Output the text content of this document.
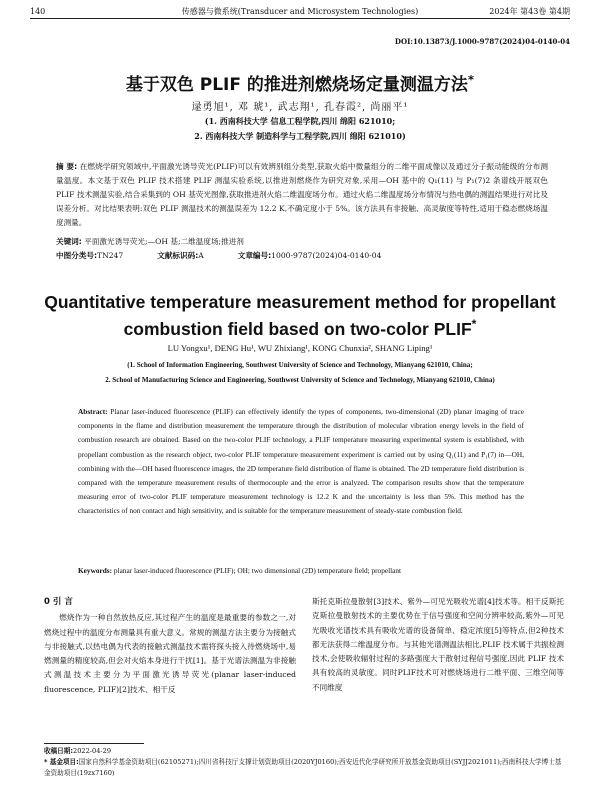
140	传感器与微系统(Transducer and Microsystem Technologies)	2024年 第43卷 第4期
DOI:10.13873/J.1000-9787(2024)04-0140-04
基于双色 PLIF 的推进剂燃烧场定量测温方法*
逯勇旭¹, 邓 琥¹, 武志翔¹, 孔春霞², 尚丽平¹
(1. 西南科技大学 信息工程学院,四川 绵阳 621010;
2. 西南科技大学 制造科学与工程学院,四川 绵阳 621010)
摘 要: 在燃烧学研究领域中,平面激光诱导荧光(PLIF)可以有效辨别组分类型,获取火焰中微量组分的二维平面成像以及通过分子振动能级的分布测量温度。本文基于双色 PLIF 技术搭建 PLIF 测温实验系统,以推进剂燃烧作为研究对象,采用—OH 基中的 Q₁(11) 与 P₁(7)2 条谱线开展双色 PLIF 技术测温实验,结合采集到的 OH 基荧光图像,获取推进剂火焰二维温度场分布。通过火焰二维温度场分布情况与热电偶的测温结果进行对比及误差分析。对比结果表明:双色 PLIF 测温技术的测温误差为 12.2 K,不确定度小于 5%。该方法具有非接触、高灵敏度等特性,适用于稳态燃烧场温度测量。
关键词: 平面激光诱导荧光;—OH 基;二维温度场;推进剂
中图分类号:TN247	文献标识码:A	文章编号:1000-9787(2024)04-0140-04
Quantitative temperature measurement method for propellant combustion field based on two-color PLIF*
LU Yongxu¹, DENG Hu¹, WU Zhixiang¹, KONG Chunxia², SHANG Liping¹
(1. School of Information Engineering, Southwest University of Science and Technology, Mianyang 621010, China;
2. School of Manufacturing Science and Engineering, Southwest University of Science and Technology, Mianyang 621010, China)
Abstract: Planar laser-induced fluorescence (PLIF) can effectively identify the types of components, two-dimensional (2D) planar imaging of trace components in the flame and distribution measurement the temperature through the distribution of molecular vibration energy levels in the field of combustion research are obtained. Based on the two-color PLIF technology, a PLIF temperature measuring experimental system is established, with propellant combustion as the research object, two-color PLIF temperature measurement experiment is carried out by using Q₁(11) and P₁(7) in—OH, combining with the—OH based fluorescence images, the 2D temperature field distribution of flame is obtained. The 2D temperature field distribution is compared with the temperature measurement results of thermocouple and the error is analyzed. The comparison results show that the temperature measuring error of two-color PLIF temperature measurement technology is 12.2 K and the uncertainty is less than 5%. This method has the characteristics of non contact and high sensitivity, and is suitable for the temperature measurement of steady-state combustion field.
Keywords: planar laser-induced fluorescence (PLIF); OH; two dimensional (2D) temperature field; propellant
0 引 言

燃烧作为一种自然放热反应,其过程产生的温度是最重要的参数之一,对燃烧过程中的温度分布测量具有重大意义。常规的测温方法主要分为接触式与非接触式,以热电偶为代表的接触式测温技术需将探头接入待燃烧场中,易燃测量的精度较高,但会对火焰本身进行干扰[1]。基于光谱法测温为非接触式测温技术主要分为平面激光诱导荧光(planar laser-induced fluorescence, PLIF)[2]技术、相干反

斯托克斯拉曼散射[3]技术、紫外—可见光吸收光谱[4]技术等。相干反斯托克斯拉曼散射技术的主要优势在于信号强度和空间分辨率较高,紫外—可见光吸收光谱技术具有吸收光谱的设备简单、稳定浓度[5]等特点,但2种技术都无法获得二维温度分布。与其他光谱测温法相比,PLIF 技术属于共振检测技术,会使吸收辐射过程的多路强度大于散射过程信号强度,因此 PLIF 技术具有较高的灵敏度。同时PLIF技术可对燃烧场进行二维平面、三维空间等不同维度

收稿日期:2022-04-29
* 基金项目:国家自然科学基金资助项目(62105271);四川省科技厅支撑计划资助项目(2020YJ0160);西安近代化学研究所开放基金资助项目(SYJJ2021011);西南科技大学博士基金资助项目(19zx7160)
